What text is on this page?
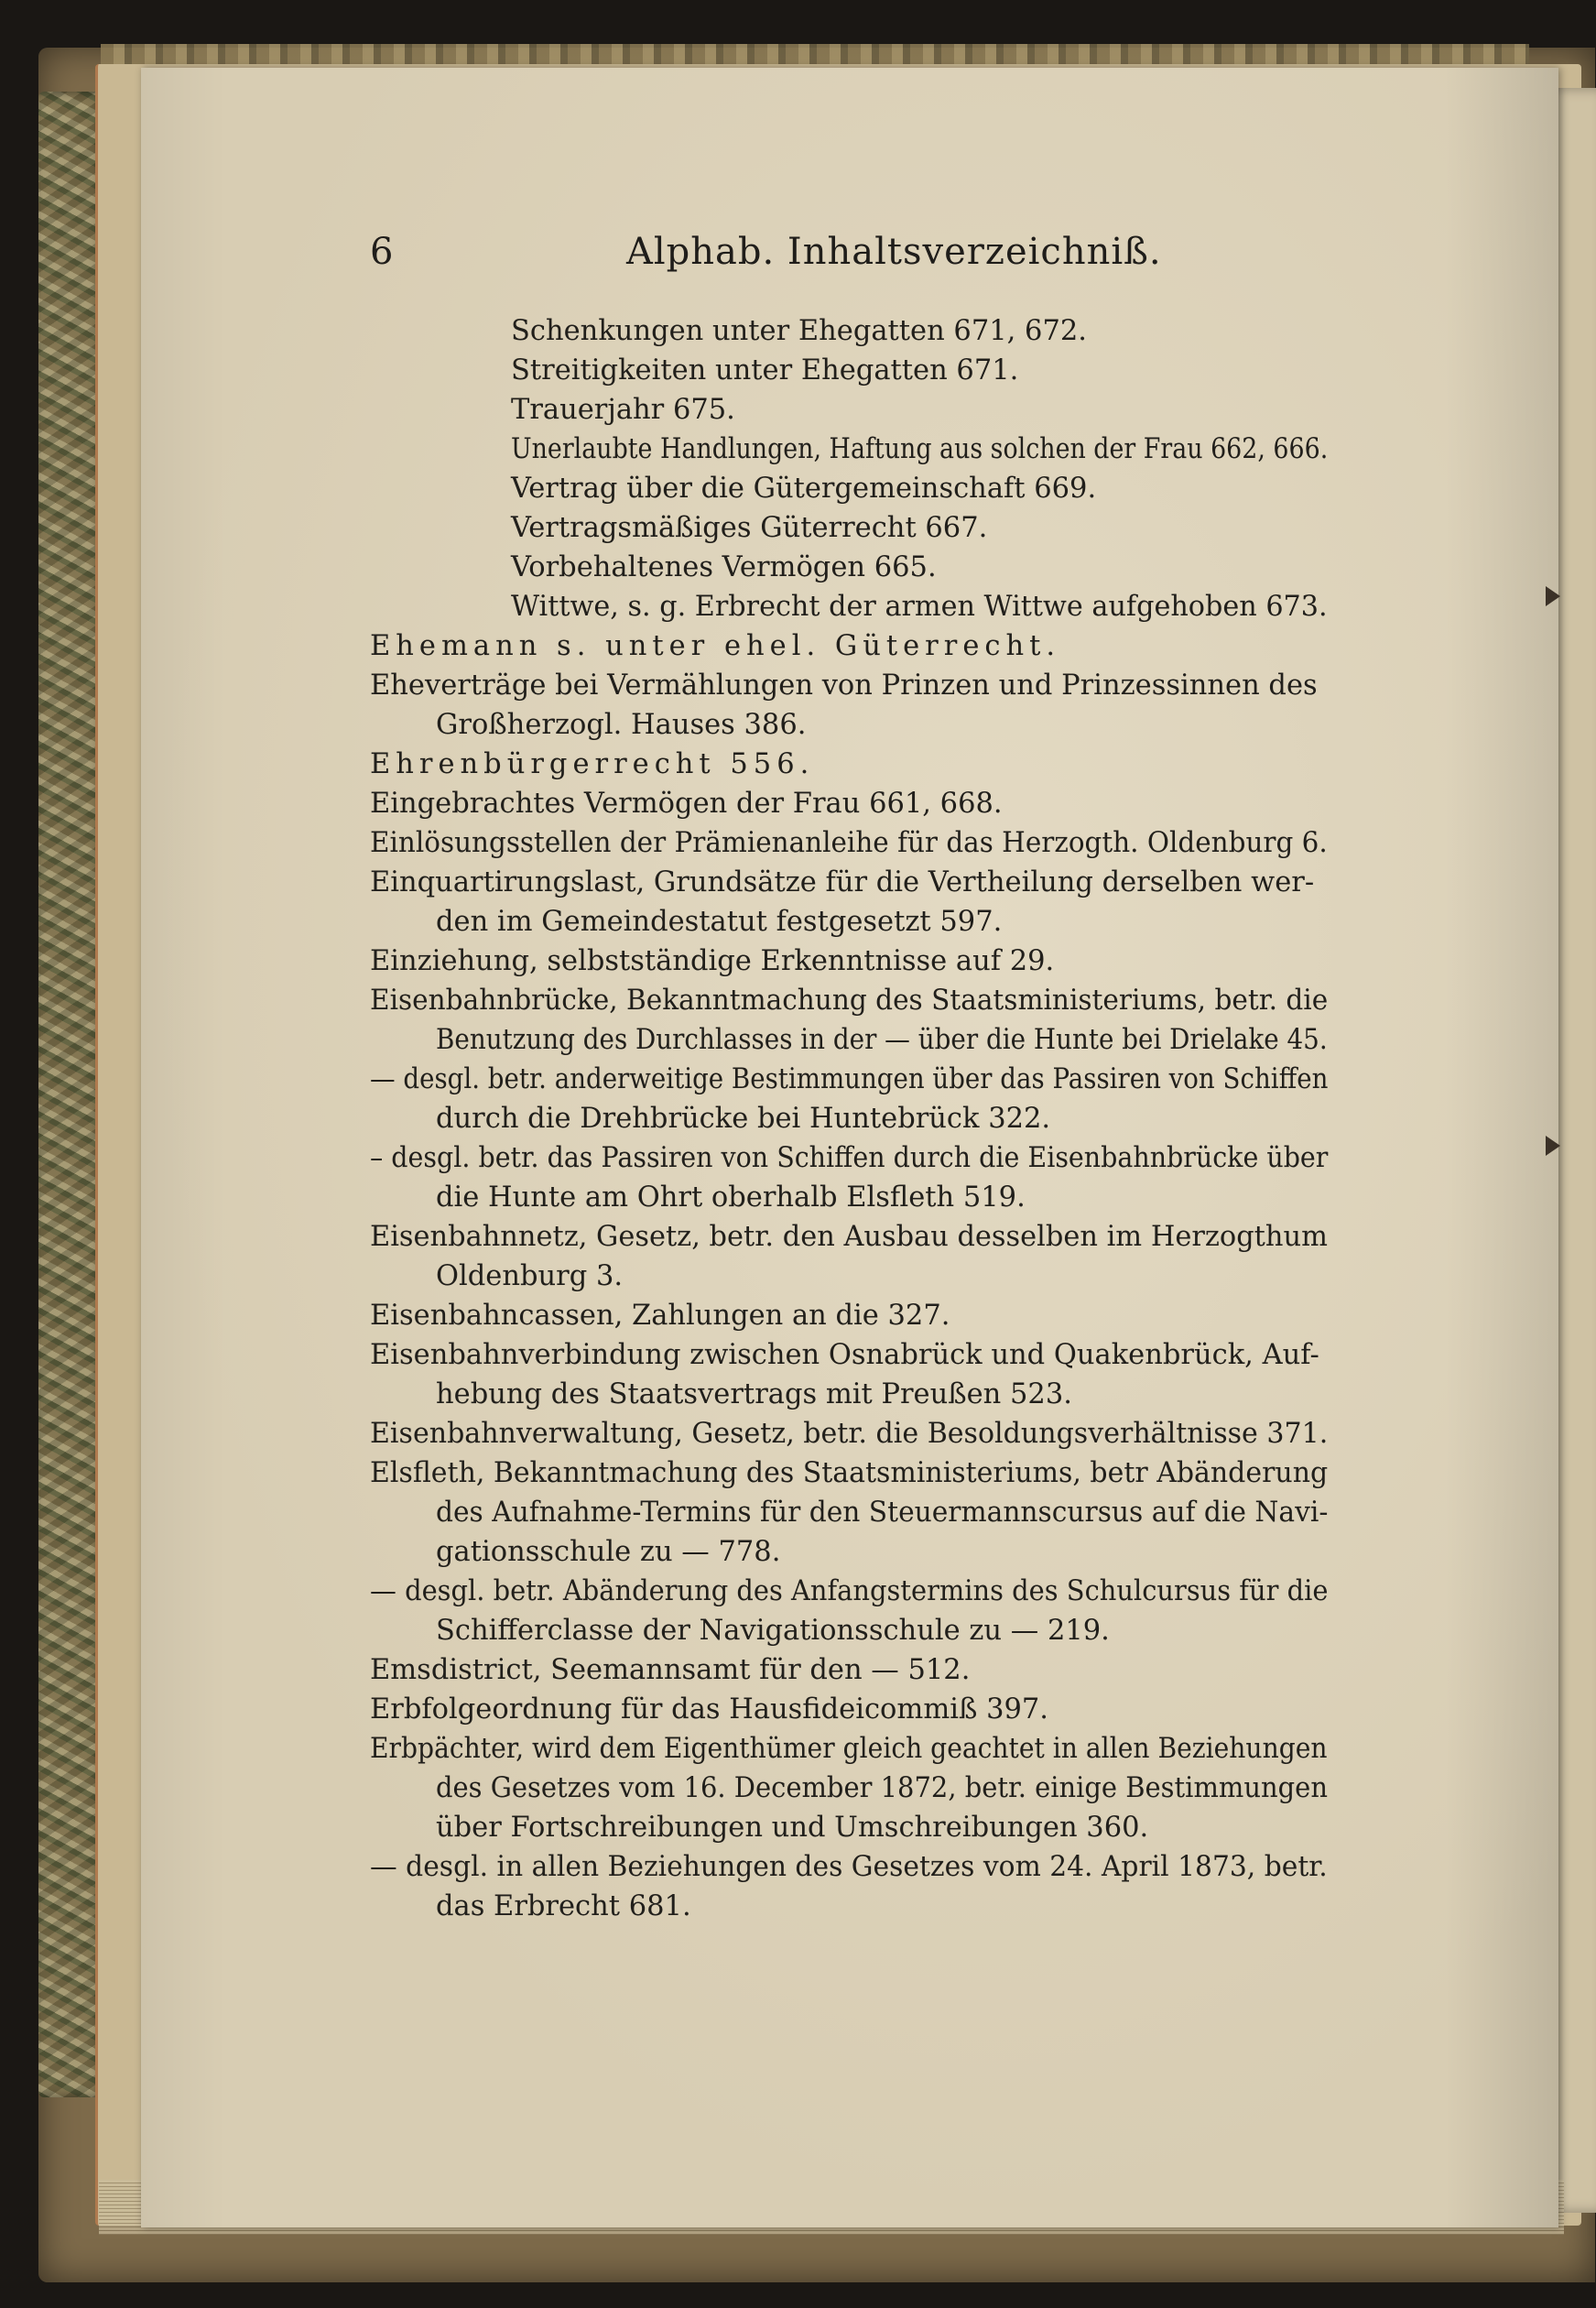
6	Alphab. Inhaltsverzeichniß.
Schenkungen unter Ehegatten 671, 672.
Streitigkeiten unter Ehegatten 671.
Trauerjahr 675.
Unerlaubte Handlungen, Haftung aus solchen der Frau 662, 666.
Vertrag über die Gütergemeinschaft 669.
Vertragsmäßiges Güterrecht 667.
Vorbehaltenes Vermögen 665.
Wittwe, s. g. Erbrecht der armen Wittwe aufgehoben 673.
Ehemann s. unter ehel. Güterrecht.
Eheverträge bei Vermählungen von Prinzen und Prinzessinnen des
Großherzogl. Hauses 386.
Ehrenbürgerrecht 556.
Eingebrachtes Vermögen der Frau 661, 668.
Einlösungsstellen der Prämienanleihe für das Herzogth. Oldenburg 6.
Einquartirungslast, Grundsätze für die Vertheilung derselben wer-
den im Gemeindestatut festgesetzt 597.
Einziehung, selbstständige Erkenntnisse auf 29.
Eisenbahnbrücke, Bekanntmachung des Staatsministeriums, betr. die
Benutzung des Durchlasses in der — über die Hunte bei Drielake 45.
— desgl. betr. anderweitige Bestimmungen über das Passiren von Schiffen
durch die Drehbrücke bei Huntebrück 322.
– desgl. betr. das Passiren von Schiffen durch die Eisenbahnbrücke über
die Hunte am Ohrt oberhalb Elsfleth 519.
Eisenbahnnetz, Gesetz, betr. den Ausbau desselben im Herzogthum
Oldenburg 3.
Eisenbahncassen, Zahlungen an die 327.
Eisenbahnverbindung zwischen Osnabrück und Quakenbrück, Auf-
hebung des Staatsvertrags mit Preußen 523.
Eisenbahnverwaltung, Gesetz, betr. die Besoldungsverhältnisse 371.
Elsfleth, Bekanntmachung des Staatsministeriums, betr Abänderung
des Aufnahme-Termins für den Steuermannscursus auf die Navi-
gationsschule zu — 778.
— desgl. betr. Abänderung des Anfangstermins des Schulcursus für die
Schifferclasse der Navigationsschule zu — 219.
Emsdistrict, Seemannsamt für den — 512.
Erbfolgeordnung für das Hausfideicommiß 397.
Erbpächter, wird dem Eigenthümer gleich geachtet in allen Beziehungen
des Gesetzes vom 16. December 1872, betr. einige Bestimmungen
über Fortschreibungen und Umschreibungen 360.
— desgl. in allen Beziehungen des Gesetzes vom 24. April 1873, betr.
das Erbrecht 681.
